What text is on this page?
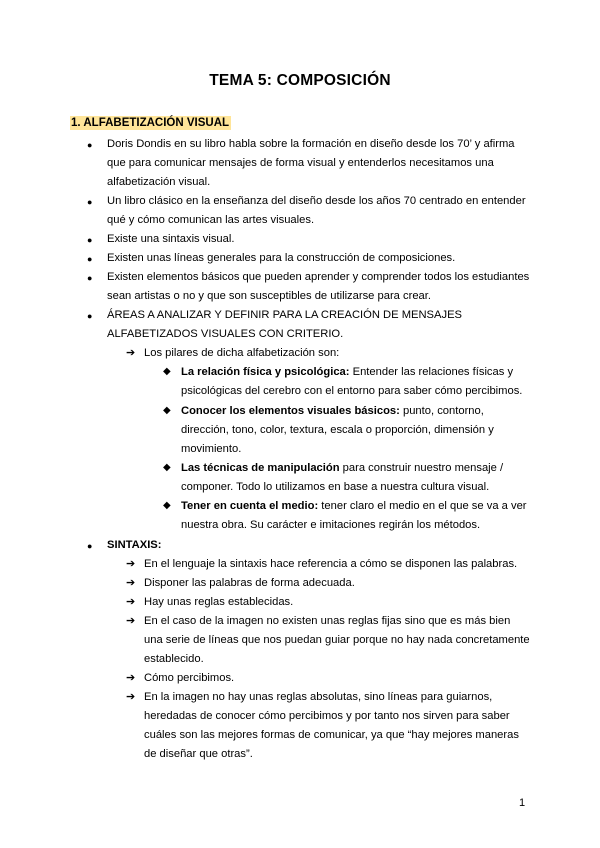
TEMA 5: COMPOSICIÓN
1. ALFABETIZACIÓN VISUAL
● Doris Dondis en su libro habla sobre la formación en diseño desde los 70’ y afirma
que para comunicar mensajes de forma visual y entenderlos necesitamos una
alfabetización visual.
● Un libro clásico en la enseñanza del diseño desde los años 70 centrado en entender
qué y cómo comunican las artes visuales.
● Existe una sintaxis visual.
● Existen unas líneas generales para la construcción de composiciones.
● Existen elementos básicos que pueden aprender y comprender todos los estudiantes
sean artistas o no y que son susceptibles de utilizarse para crear.
● ÁREAS A ANALIZAR Y DEFINIR PARA LA CREACIÓN DE MENSAJES
ALFABETIZADOS VISUALES CON CRITERIO.
➔ Los pilares de dicha alfabetización son:
◆ La relación física y psicológica: Entender las relaciones físicas y
psicológicas del cerebro con el entorno para saber cómo percibimos.
◆ Conocer los elementos visuales básicos: punto, contorno,
dirección, tono, color, textura, escala o proporción, dimensión y
movimiento.
◆ Las técnicas de manipulación para construir nuestro mensaje /
componer. Todo lo utilizamos en base a nuestra cultura visual.
◆ Tener en cuenta el medio: tener claro el medio en el que se va a ver
nuestra obra. Su carácter e imitaciones regirán los métodos.
● SINTAXIS:
➔ En el lenguaje la sintaxis hace referencia a cómo se disponen las palabras.
➔ Disponer las palabras de forma adecuada.
➔ Hay unas reglas establecidas.
➔ En el caso de la imagen no existen unas reglas fijas sino que es más bien
una serie de líneas que nos puedan guiar porque no hay nada concretamente
establecido.
➔ Cómo percibimos.
➔ En la imagen no hay unas reglas absolutas, sino líneas para guiarnos,
heredadas de conocer cómo percibimos y por tanto nos sirven para saber
cuáles son las mejores formas de comunicar, ya que “hay mejores maneras
de diseñar que otras”.
1
